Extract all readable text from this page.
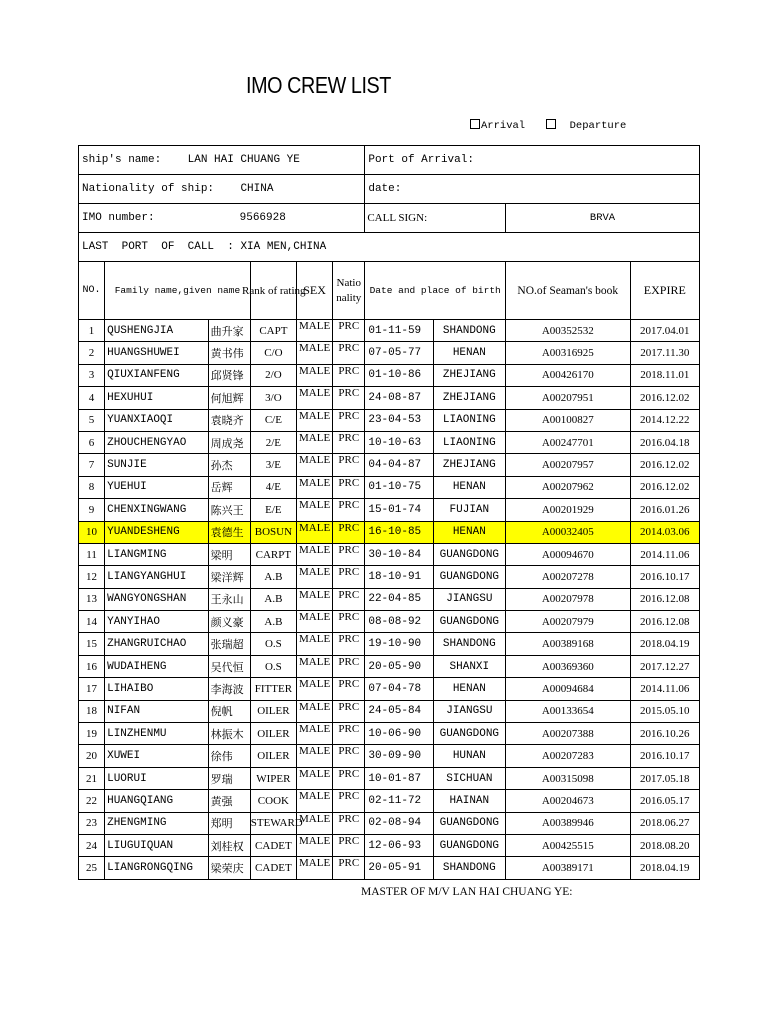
IMO CREW LIST
Arrival	Departure
ship's name: LAN HAI CHUANG YE						Port of Arrival:			
Nationality of ship: CHINA						date:			
IMO number: 9566928						CALL SIGN:		BRVA	
LAST  PORT  OF  CALL  : XIA MEN,CHINA									
NO.	Family name,given name		Rank of rating	SEX	Nationality	Date and place of birth		NO.of Seaman's book	EXPIRE
1	QUSHENGJIA	曲升家	CAPT	MALE	PRC	01-11-59	SHANDONG	A00352532	2017.04.01
2	HUANGSHUWEI	黄书伟	C/O	MALE	PRC	07-05-77	HENAN	A00316925	2017.11.30
3	QIUXIANFENG	邱贤锋	2/O	MALE	PRC	01-10-86	ZHEJIANG	A00426170	2018.11.01
4	HEXUHUI	何旭辉	3/O	MALE	PRC	24-08-87	ZHEJIANG	A00207951	2016.12.02
5	YUANXIAOQI	袁晓齐	C/E	MALE	PRC	23-04-53	LIAONING	A00100827	2014.12.22
6	ZHOUCHENGYAO	周成尧	2/E	MALE	PRC	10-10-63	LIAONING	A00247701	2016.04.18
7	SUNJIE	孙杰	3/E	MALE	PRC	04-04-87	ZHEJIANG	A00207957	2016.12.02
8	YUEHUI	岳辉	4/E	MALE	PRC	01-10-75	HENAN	A00207962	2016.12.02
9	CHENXINGWANG	陈兴王	E/E	MALE	PRC	15-01-74	FUJIAN	A00201929	2016.01.26
10	YUANDESHENG	袁德生	BOSUN	MALE	PRC	16-10-85	HENAN	A00032405	2014.03.06
11	LIANGMING	梁明	CARPT	MALE	PRC	30-10-84	GUANGDONG	A00094670	2014.11.06
12	LIANGYANGHUI	梁洋辉	A.B	MALE	PRC	18-10-91	GUANGDONG	A00207278	2016.10.17
13	WANGYONGSHAN	王永山	A.B	MALE	PRC	22-04-85	JIANGSU	A00207978	2016.12.08
14	YANYIHAO	颜义豪	A.B	MALE	PRC	08-08-92	GUANGDONG	A00207979	2016.12.08
15	ZHANGRUICHAO	张瑞超	O.S	MALE	PRC	19-10-90	SHANDONG	A00389168	2018.04.19
16	WUDAIHENG	吴代恒	O.S	MALE	PRC	20-05-90	SHANXI	A00369360	2017.12.27
17	LIHAIBO	李海波	FITTER	MALE	PRC	07-04-78	HENAN	A00094684	2014.11.06
18	NIFAN	倪帆	OILER	MALE	PRC	24-05-84	JIANGSU	A00133654	2015.05.10
19	LINZHENMU	林振木	OILER	MALE	PRC	10-06-90	GUANGDONG	A00207388	2016.10.26
20	XUWEI	徐伟	OILER	MALE	PRC	30-09-90	HUNAN	A00207283	2016.10.17
21	LUORUI	罗瑞	WIPER	MALE	PRC	10-01-87	SICHUAN	A00315098	2017.05.18
22	HUANGQIANG	黄强	COOK	MALE	PRC	02-11-72	HAINAN	A00204673	2016.05.17
23	ZHENGMING	郑明	STEWARD	MALE	PRC	02-08-94	GUANGDONG	A00389946	2018.06.27
24	LIUGUIQUAN	刘桂权	CADET	MALE	PRC	12-06-93	GUANGDONG	A00425515	2018.08.20
25	LIANGRONGQING	梁荣庆	CADET	MALE	PRC	20-05-91	SHANDONG	A00389171	2018.04.19
MASTER OF M/V LAN HAI CHUANG YE:
